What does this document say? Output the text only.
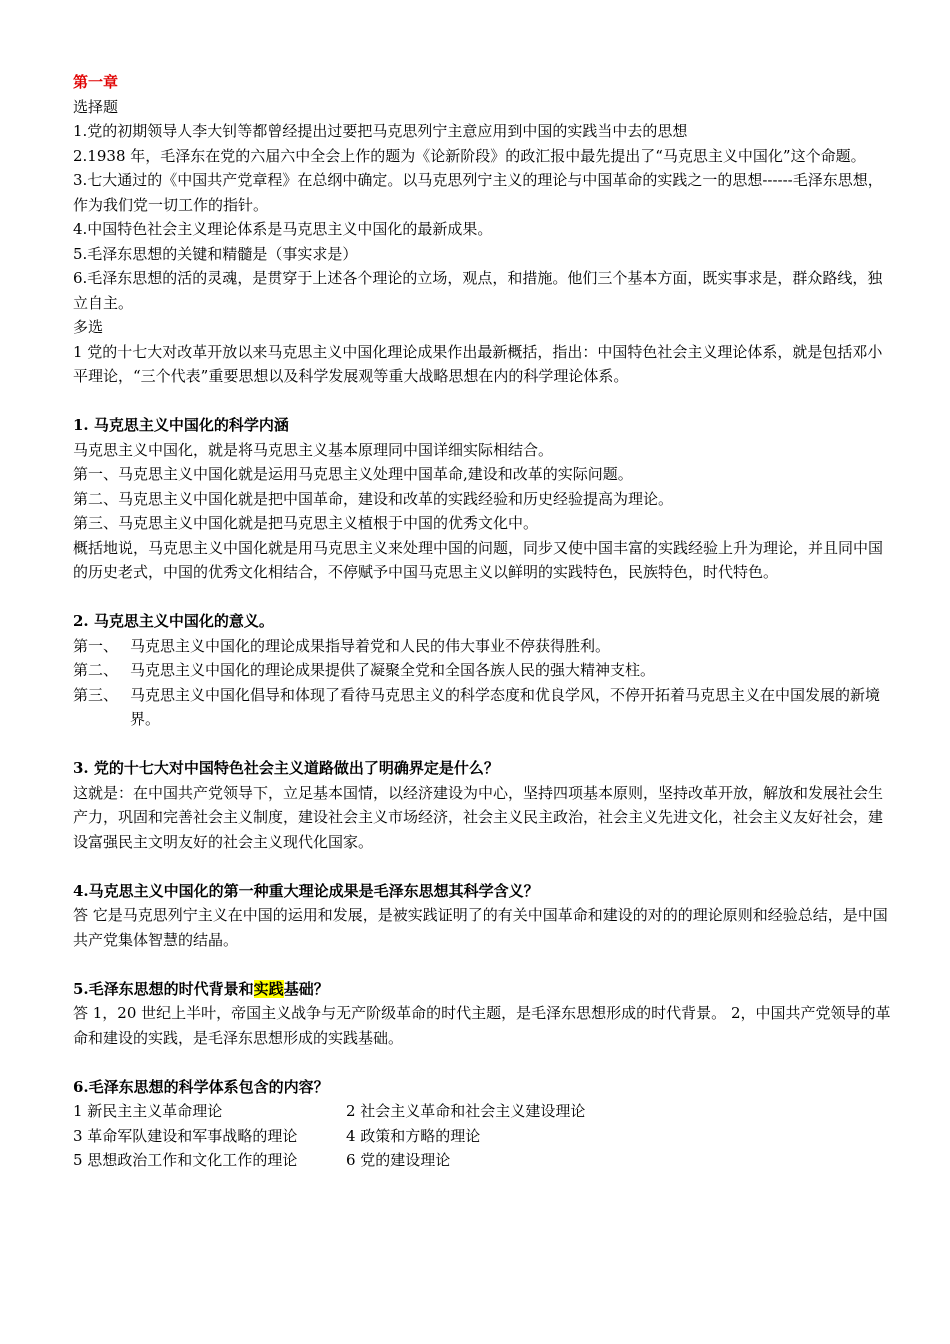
第一章

选择题

1.党的初期领导人李大钊等都曾经提出过要把马克思列宁主意应用到中国的实践当中去的思想

2.1938 年，毛泽东在党的六届六中全会上作的题为《论新阶段》的政汇报中最先提出了“马克思主义中国化”这个命题。

3.七大通过的《中国共产党章程》在总纲中确定。以马克思列宁主义的理论与中国革命的实践之一的思想------毛泽东思想，作为我们党一切工作的指针。

4.中国特色社会主义理论体系是马克思主义中国化的最新成果。

5.毛泽东思想的关键和精髓是（事实求是）

6.毛泽东思想的活的灵魂，是贯穿于上述各个理论的立场，观点，和措施。他们三个基本方面，既实事求是，群众路线，独立自主。

多选

1 党的十七大对改革开放以来马克思主义中国化理论成果作出最新概括，指出：中国特色社会主义理论体系，就是包括邓小平理论，“三个代表”重要思想以及科学发展观等重大战略思想在内的科学理论体系。

1. 马克思主义中国化的科学内涵

马克思主义中国化，就是将马克思主义基本原理同中国详细实际相结合。

第一、马克思主义中国化就是运用马克思主义处理中国革命,建设和改革的实际问题。

第二、马克思主义中国化就是把中国革命，建设和改革的实践经验和历史经验提高为理论。

第三、马克思主义中国化就是把马克思主义植根于中国的优秀文化中。

概括地说，马克思主义中国化就是用马克思主义来处理中国的问题，同步又使中国丰富的实践经验上升为理论，并且同中国的历史老式，中国的优秀文化相结合，不停赋予中国马克思主义以鲜明的实践特色，民族特色，时代特色。

2. 马克思主义中国化的意义。

第一、 马克思主义中国化的理论成果指导着党和人民的伟大事业不停获得胜利。
第二、 马克思主义中国化的理论成果提供了凝聚全党和全国各族人民的强大精神支柱。
第三、 马克思主义中国化倡导和体现了看待马克思主义的科学态度和优良学风，不停开拓着马克思主义在中国发展的新境界。

3. 党的十七大对中国特色社会主义道路做出了明确界定是什么？

这就是：在中国共产党领导下，立足基本国情，以经济建设为中心，坚持四项基本原则，坚持改革开放，解放和发展社会生产力，巩固和完善社会主义制度，建设社会主义市场经济，社会主义民主政治，社会主义先进文化，社会主义友好社会，建设富强民主文明友好的社会主义现代化国家。

4.马克思主义中国化的第一种重大理论成果是毛泽东思想其科学含义？

答 它是马克思列宁主义在中国的运用和发展，是被实践证明了的有关中国革命和建设的对的的理论原则和经验总结，是中国共产党集体智慧的结晶。

5.毛泽东思想的时代背景和实践基础？

答 1，20 世纪上半叶，帝国主义战争与无产阶级革命的时代主题，是毛泽东思想形成的时代背景。 2，中国共产党领导的革命和建设的实践，是毛泽东思想形成的实践基础。

6.毛泽东思想的科学体系包含的内容？

1 新民主主义革命理论	2 社会主义革命和社会主义建设理论
3 革命军队建设和军事战略的理论	4 政策和方略的理论
5 思想政治工作和文化工作的理论	6 党的建设理论
